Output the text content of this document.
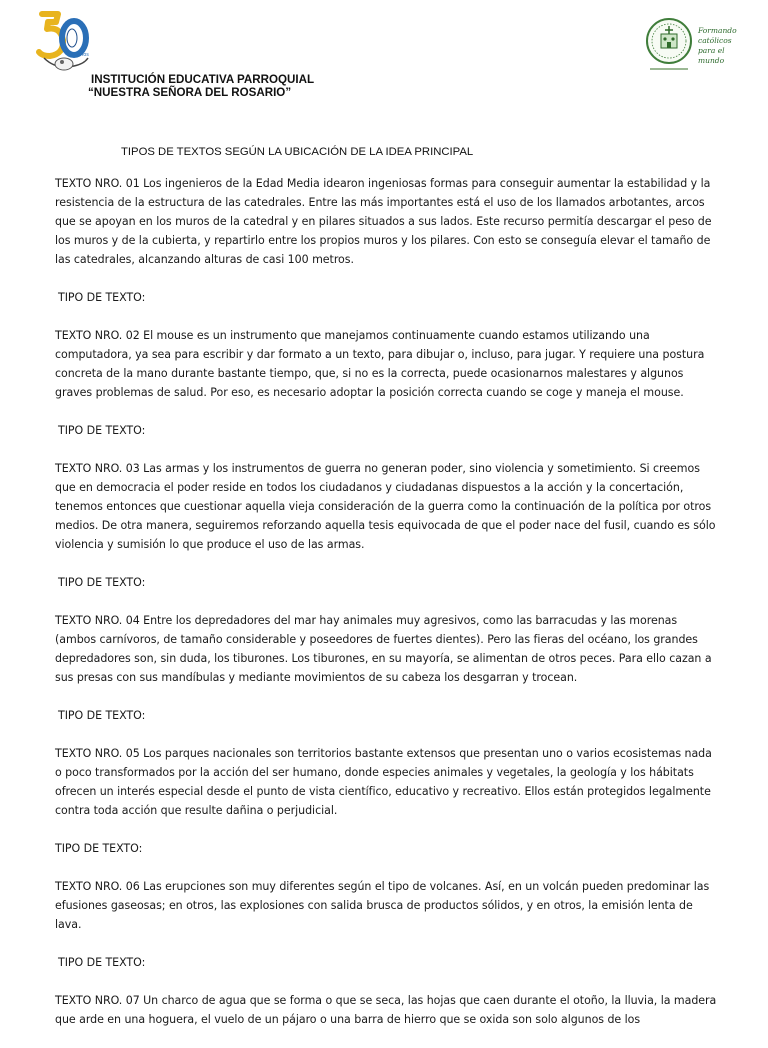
años
Formando
católicos
para el mundo
INSTITUCIÓN EDUCATIVA PARROQUIAL
“NUESTRA SEÑORA DEL ROSARIO”
TIPOS DE TEXTOS SEGÚN LA UBICACIÓN DE LA IDEA PRINCIPAL

TEXTO NRO. 01 Los ingenieros de la Edad Media idearon ingeniosas formas para conseguir aumentar la estabilidad y la resistencia de la estructura de las catedrales. Entre las más importantes está el uso de los llamados arbotantes, arcos que se apoyan en los muros de la catedral y en pilares situados a sus lados. Este recurso permitía descargar el peso de los muros y de la cubierta, y repartirlo entre los propios muros y los pilares. Con esto se conseguía elevar el tamaño de las catedrales, alcanzando alturas de casi 100 metros.

TIPO DE TEXTO:

TEXTO NRO. 02 El mouse es un instrumento que manejamos continuamente cuando estamos utilizando una computadora, ya sea para escribir y dar formato a un texto, para dibujar o, incluso, para jugar. Y requiere una postura concreta de la mano durante bastante tiempo, que, si no es la correcta, puede ocasionarnos malestares y algunos graves problemas de salud. Por eso, es necesario adoptar la posición correcta cuando se coge y maneja el mouse.

TIPO DE TEXTO:

TEXTO NRO. 03 Las armas y los instrumentos de guerra no generan poder, sino violencia y sometimiento. Si creemos que en democracia el poder reside en todos los ciudadanos y ciudadanas dispuestos a la acción y la concertación, tenemos entonces que cuestionar aquella vieja consideración de la guerra como la continuación de la política por otros medios. De otra manera, seguiremos reforzando aquella tesis equivocada de que el poder nace del fusil, cuando es sólo violencia y sumisión lo que produce el uso de las armas.

TIPO DE TEXTO:

TEXTO NRO. 04 Entre los depredadores del mar hay animales muy agresivos, como las barracudas y las morenas (ambos carnívoros, de tamaño considerable y poseedores de fuertes dientes). Pero las fieras del océano, los grandes depredadores son, sin duda, los tiburones. Los tiburones, en su mayoría, se alimentan de otros peces. Para ello cazan a sus presas con sus mandíbulas y mediante movimientos de su cabeza los desgarran y trocean.

TIPO DE TEXTO:

TEXTO NRO. 05 Los parques nacionales son territorios bastante extensos que presentan uno o varios ecosistemas nada o poco transformados por la acción del ser humano, donde especies animales y vegetales, la geología y los hábitats ofrecen un interés especial desde el punto de vista científico, educativo y recreativo. Ellos están protegidos legalmente contra toda acción que resulte dañina o perjudicial.

TIPO DE TEXTO:

TEXTO NRO. 06 Las erupciones son muy diferentes según el tipo de volcanes. Así, en un volcán pueden predominar las efusiones gaseosas; en otros, las explosiones con salida brusca de productos sólidos, y en otros, la emisión lenta de lava.

TIPO DE TEXTO:

TEXTO NRO. 07 Un charco de agua que se forma o que se seca, las hojas que caen durante el otoño, la lluvia, la madera que arde en una hoguera, el vuelo de un pájaro o una barra de hierro que se oxida son solo algunos de los
